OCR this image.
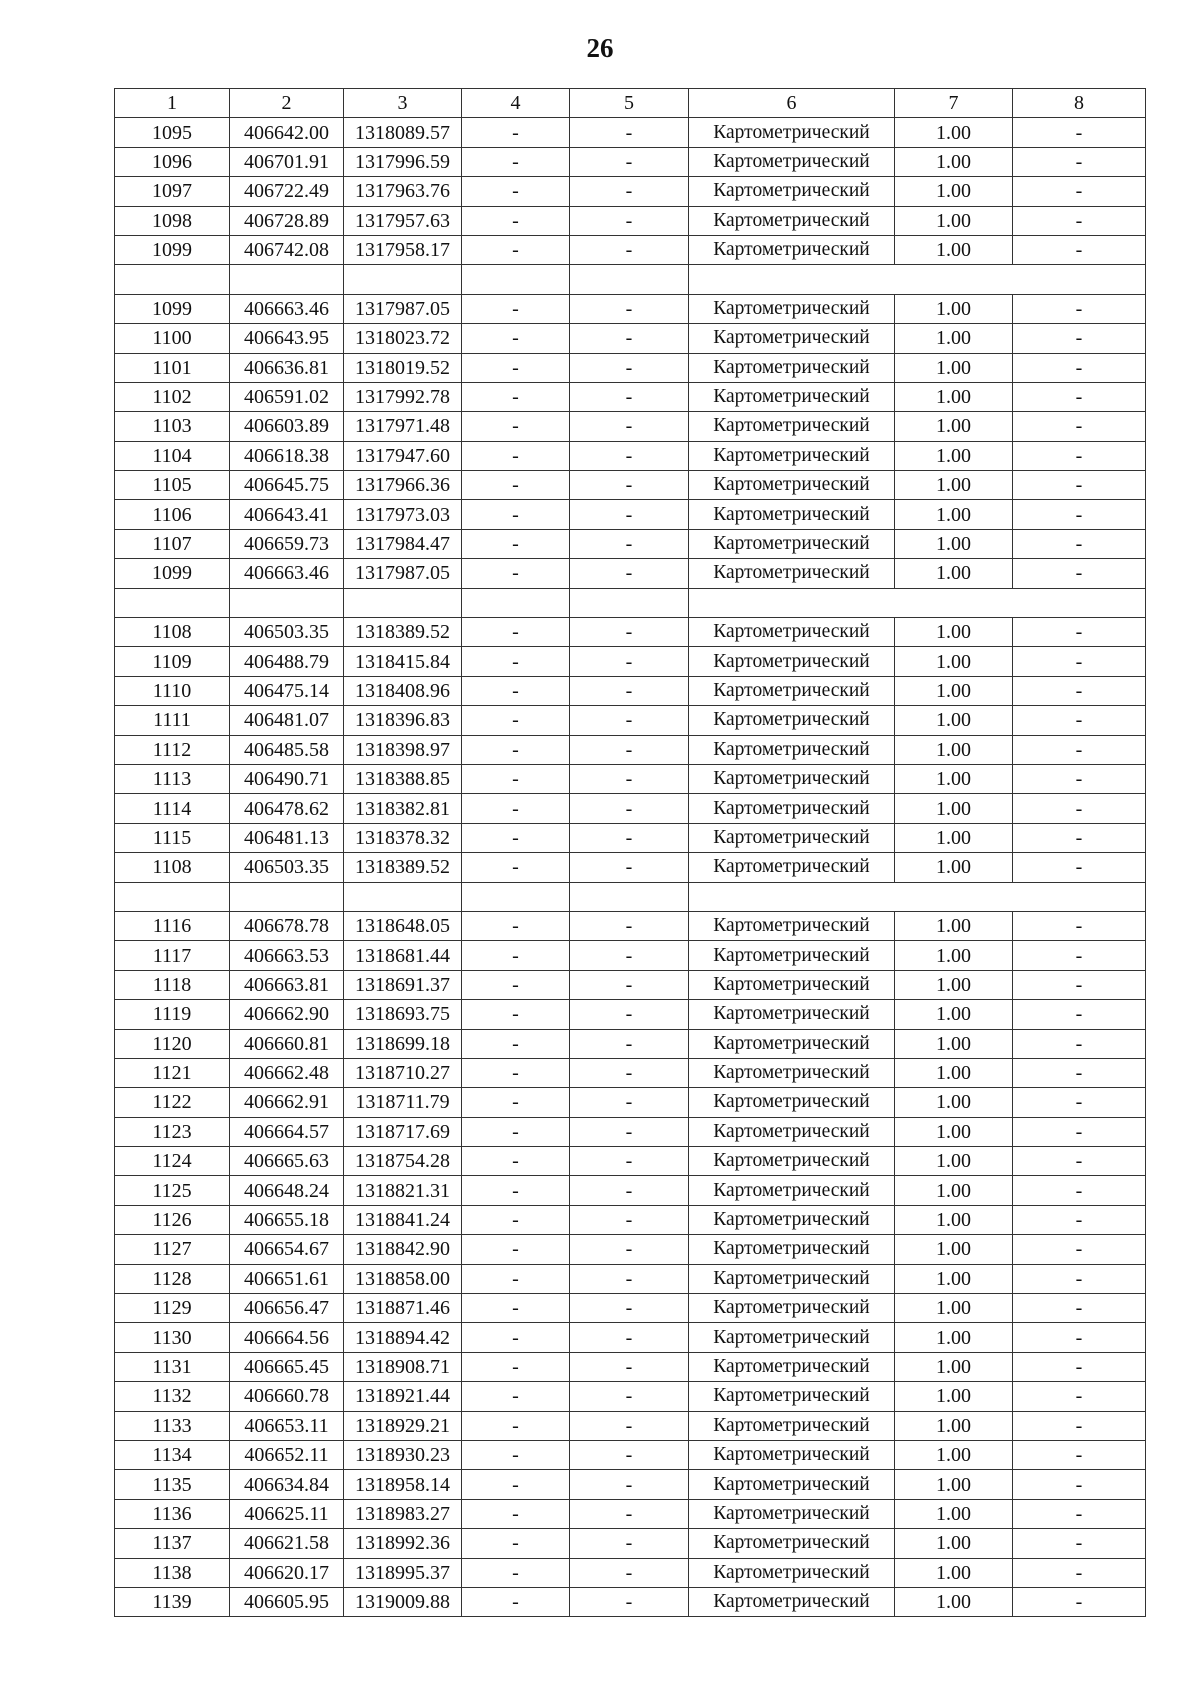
26
1	2	3	4	5	6	7	8
1095	406642.00	1318089.57	-	-	Картометрический	1.00	-
1096	406701.91	1317996.59	-	-	Картометрический	1.00	-
1097	406722.49	1317963.76	-	-	Картометрический	1.00	-
1098	406728.89	1317957.63	-	-	Картометрический	1.00	-
1099	406742.08	1317958.17	-	-	Картометрический	1.00	-

1099	406663.46	1317987.05	-	-	Картометрический	1.00	-
1100	406643.95	1318023.72	-	-	Картометрический	1.00	-
1101	406636.81	1318019.52	-	-	Картометрический	1.00	-
1102	406591.02	1317992.78	-	-	Картометрический	1.00	-
1103	406603.89	1317971.48	-	-	Картометрический	1.00	-
1104	406618.38	1317947.60	-	-	Картометрический	1.00	-
1105	406645.75	1317966.36	-	-	Картометрический	1.00	-
1106	406643.41	1317973.03	-	-	Картометрический	1.00	-
1107	406659.73	1317984.47	-	-	Картометрический	1.00	-
1099	406663.46	1317987.05	-	-	Картометрический	1.00	-

1108	406503.35	1318389.52	-	-	Картометрический	1.00	-
1109	406488.79	1318415.84	-	-	Картометрический	1.00	-
1110	406475.14	1318408.96	-	-	Картометрический	1.00	-
1111	406481.07	1318396.83	-	-	Картометрический	1.00	-
1112	406485.58	1318398.97	-	-	Картометрический	1.00	-
1113	406490.71	1318388.85	-	-	Картометрический	1.00	-
1114	406478.62	1318382.81	-	-	Картометрический	1.00	-
1115	406481.13	1318378.32	-	-	Картометрический	1.00	-
1108	406503.35	1318389.52	-	-	Картометрический	1.00	-

1116	406678.78	1318648.05	-	-	Картометрический	1.00	-
1117	406663.53	1318681.44	-	-	Картометрический	1.00	-
1118	406663.81	1318691.37	-	-	Картометрический	1.00	-
1119	406662.90	1318693.75	-	-	Картометрический	1.00	-
1120	406660.81	1318699.18	-	-	Картометрический	1.00	-
1121	406662.48	1318710.27	-	-	Картометрический	1.00	-
1122	406662.91	1318711.79	-	-	Картометрический	1.00	-
1123	406664.57	1318717.69	-	-	Картометрический	1.00	-
1124	406665.63	1318754.28	-	-	Картометрический	1.00	-
1125	406648.24	1318821.31	-	-	Картометрический	1.00	-
1126	406655.18	1318841.24	-	-	Картометрический	1.00	-
1127	406654.67	1318842.90	-	-	Картометрический	1.00	-
1128	406651.61	1318858.00	-	-	Картометрический	1.00	-
1129	406656.47	1318871.46	-	-	Картометрический	1.00	-
1130	406664.56	1318894.42	-	-	Картометрический	1.00	-
1131	406665.45	1318908.71	-	-	Картометрический	1.00	-
1132	406660.78	1318921.44	-	-	Картометрический	1.00	-
1133	406653.11	1318929.21	-	-	Картометрический	1.00	-
1134	406652.11	1318930.23	-	-	Картометрический	1.00	-
1135	406634.84	1318958.14	-	-	Картометрический	1.00	-
1136	406625.11	1318983.27	-	-	Картометрический	1.00	-
1137	406621.58	1318992.36	-	-	Картометрический	1.00	-
1138	406620.17	1318995.37	-	-	Картометрический	1.00	-
1139	406605.95	1319009.88	-	-	Картометрический	1.00	-
